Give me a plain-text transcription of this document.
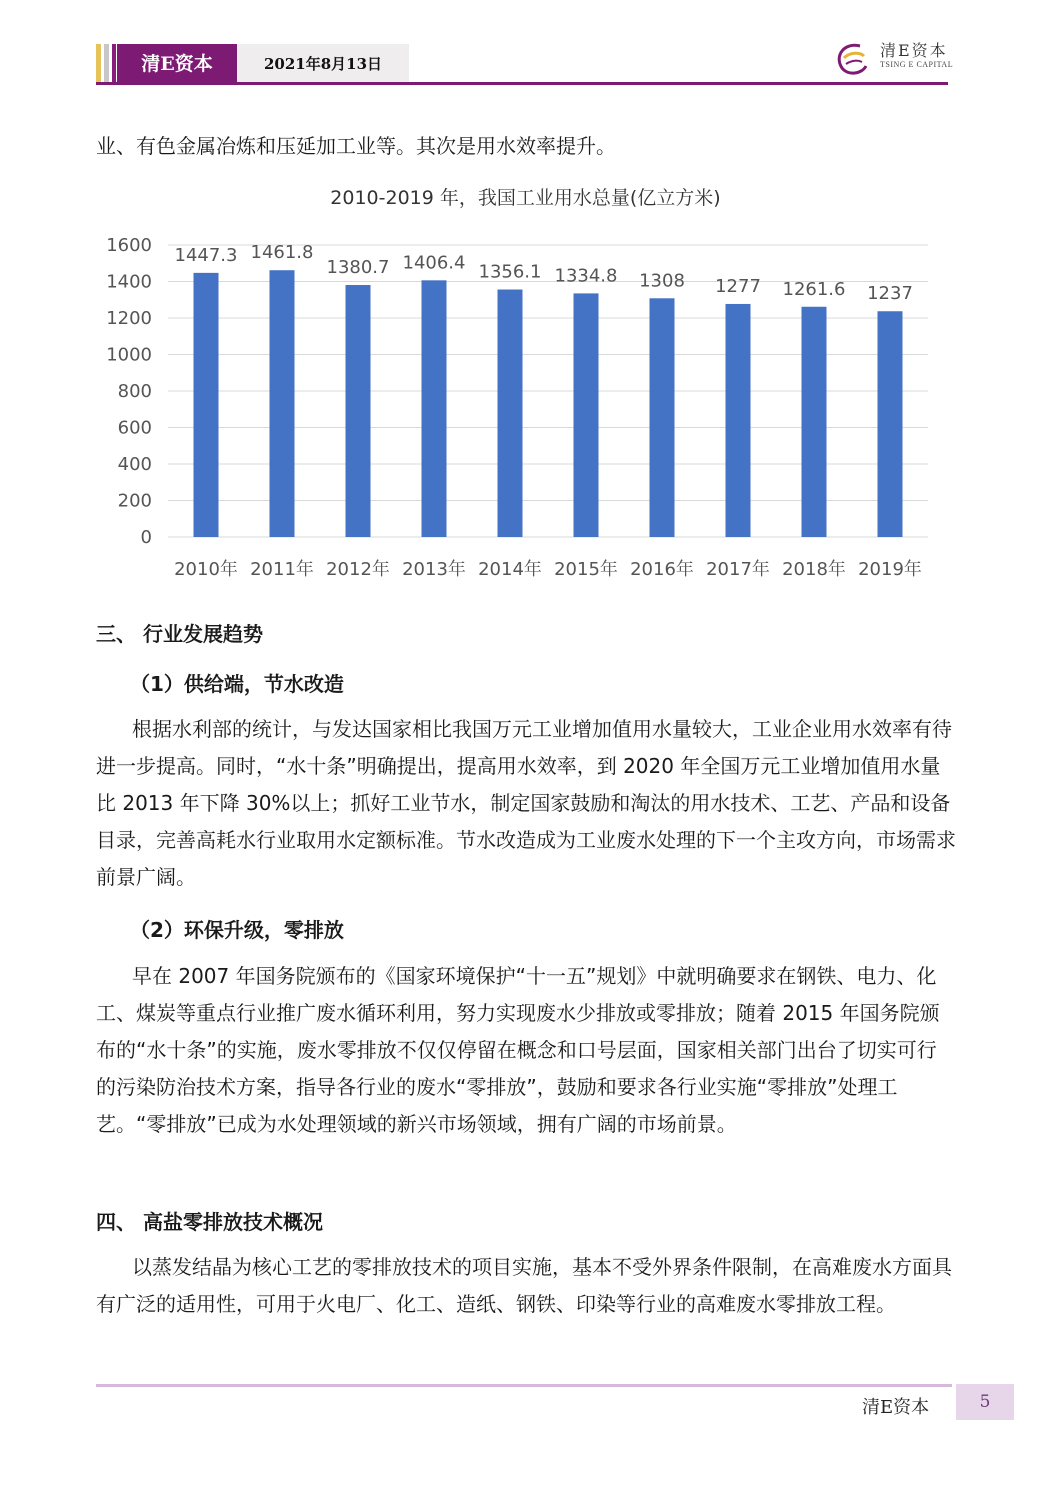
清E资本	2021年8月13日
清E资本
TSING E CAPITAL

业、有色金属冶炼和压延加工业等。其次是用水效率提升。

2010-2019 年，我国工业用水总量(亿立方米)
0
200
400
600
800
1000
1200
1400
1600 1447.3
2010年
1461.8
2011年
1380.7
2012年
1406.4
2013年
1356.1
2014年
1334.8
2015年
1308
2016年
1277
2017年
1261.6
2018年
1237
2019年

三、 行业发展趋势

（1）供给端，节水改造

根据水利部的统计，与发达国家相比我国万元工业增加值用水量较大，工业企业用水效率有待进一步提高。同时，“水十条”明确提出，提高用水效率，到 2020 年全国万元工业增加值用水量比 2013 年下降 30%以上；抓好工业节水，制定国家鼓励和淘汰的用水技术、工艺、产品和设备目录，完善高耗水行业取用水定额标准。节水改造成为工业废水处理的下一个主攻方向，市场需求前景广阔。

（2）环保升级，零排放

早在 2007 年国务院颁布的《国家环境保护“十一五”规划》中就明确要求在钢铁、电力、化工、煤炭等重点行业推广废水循环利用，努力实现废水少排放或零排放；随着 2015 年国务院颁布的“水十条”的实施，废水零排放不仅仅停留在概念和口号层面，国家相关部门出台了切实可行的污染防治技术方案，指导各行业的废水“零排放”，鼓励和要求各行业实施“零排放”处理工艺。“零排放”已成为水处理领域的新兴市场领域，拥有广阔的市场前景。

四、 高盐零排放技术概况

以蒸发结晶为核心工艺的零排放技术的项目实施，基本不受外界条件限制，在高难废水方面具有广泛的适用性，可用于火电厂、化工、造纸、钢铁、印染等行业的高难废水零排放工程。

清E资本	5
